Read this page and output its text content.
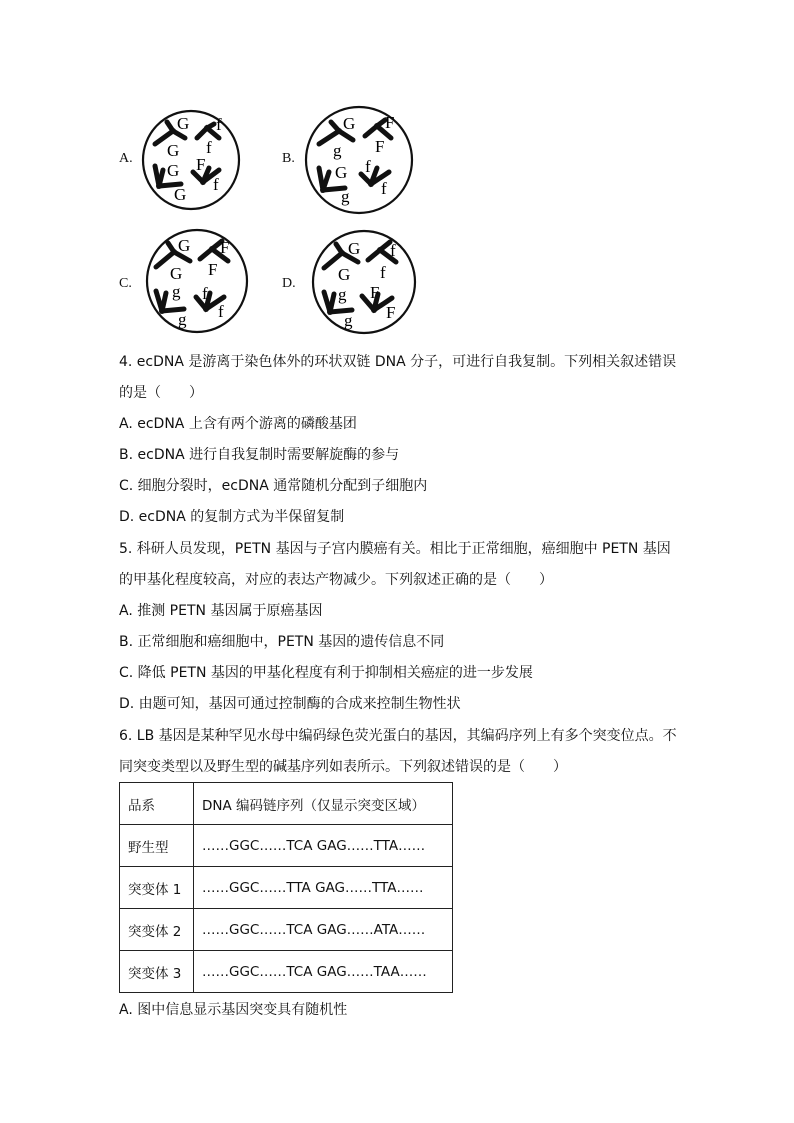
A.
G
G
f
f
G
G
F
f
B.
G
g
F
F
G
g
f
f
C.
G
G
F
F
g
g
f
f
D.
G
G
f
f
g
g
F
F
4. ecDNA 是游离于染色体外的环状双链 DNA 分子，可进行自我复制。下列相关叙述错误
的是（　　）
A. ecDNA 上含有两个游离的磷酸基团
B. ecDNA 进行自我复制时需要解旋酶的参与
C. 细胞分裂时，ecDNA 通常随机分配到子细胞内
D. ecDNA 的复制方式为半保留复制
5. 科研人员发现，PETN 基因与子宫内膜癌有关。相比于正常细胞，癌细胞中 PETN 基因
的甲基化程度较高，对应的表达产物减少。下列叙述正确的是（　　）
A. 推测 PETN 基因属于原癌基因
B. 正常细胞和癌细胞中，PETN 基因的遗传信息不同
C. 降低 PETN 基因的甲基化程度有利于抑制相关癌症的进一步发展
D. 由题可知，基因可通过控制酶的合成来控制生物性状
6. LB 基因是某种罕见水母中编码绿色荧光蛋白的基因，其编码序列上有多个突变位点。不
同突变类型以及野生型的碱基序列如表所示。下列叙述错误的是（　　）
品系	DNA 编码链序列（仅显示突变区域）
野生型	……GGC……TCA GAG……TTA……
突变体 1	……GGC……TTA GAG……TTA……
突变体 2	……GGC……TCA GAG……ATA……
突变体 3	……GGC……TCA GAG……TAA……
A. 图中信息显示基因突变具有随机性
